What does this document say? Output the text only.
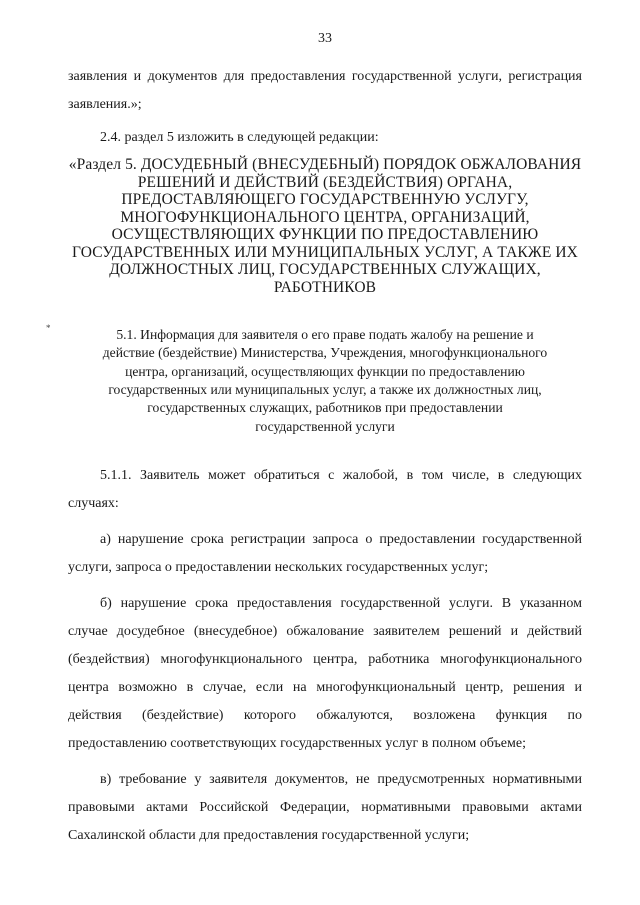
33

заявления и документов для предоставления государственной услуги, регистрация заявления.»;

2.4. раздел 5 изложить в следующей редакции:

«Раздел 5. ДОСУДЕБНЫЙ (ВНЕСУДЕБНЫЙ) ПОРЯДОК ОБЖАЛОВАНИЯ
РЕШЕНИЙ И ДЕЙСТВИЙ (БЕЗДЕЙСТВИЯ) ОРГАНА,
ПРЕДОСТАВЛЯЮЩЕГО ГОСУДАРСТВЕННУЮ УСЛУГУ,
МНОГОФУНКЦИОНАЛЬНОГО ЦЕНТРА, ОРГАНИЗАЦИЙ,
ОСУЩЕСТВЛЯЮЩИХ ФУНКЦИИ ПО ПРЕДОСТАВЛЕНИЮ
ГОСУДАРСТВЕННЫХ ИЛИ МУНИЦИПАЛЬНЫХ УСЛУГ, А ТАКЖЕ ИХ
ДОЛЖНОСТНЫХ ЛИЦ, ГОСУДАРСТВЕННЫХ СЛУЖАЩИХ,
РАБОТНИКОВ
5.1. Информация для заявителя о его праве подать жалобу на решение и
действие (бездействие) Министерства, Учреждения, многофункционального
центра, организаций, осуществляющих функции по предоставлению
государственных или муниципальных услуг, а также их должностных лиц,
государственных служащих, работников при предоставлении
государственной услуги

5.1.1. Заявитель может обратиться с жалобой, в том числе, в следующих случаях:

а) нарушение срока регистрации запроса о предоставлении государственной услуги, запроса о предоставлении нескольких государственных услуг;

б) нарушение срока предоставления государственной услуги. В указанном случае досудебное (внесудебное) обжалование заявителем решений и действий (бездействия) многофункционального центра, работника многофункционального центра возможно в случае, если на многофункциональный центр, решения и действия (бездействие) которого обжалуются, возложена функция по предоставлению соответствующих государственных услуг в полном объеме;

в) требование у заявителя документов, не предусмотренных нормативными правовыми актами Российской Федерации, нормативными правовыми актами Сахалинской области для предоставления государственной услуги;

*
